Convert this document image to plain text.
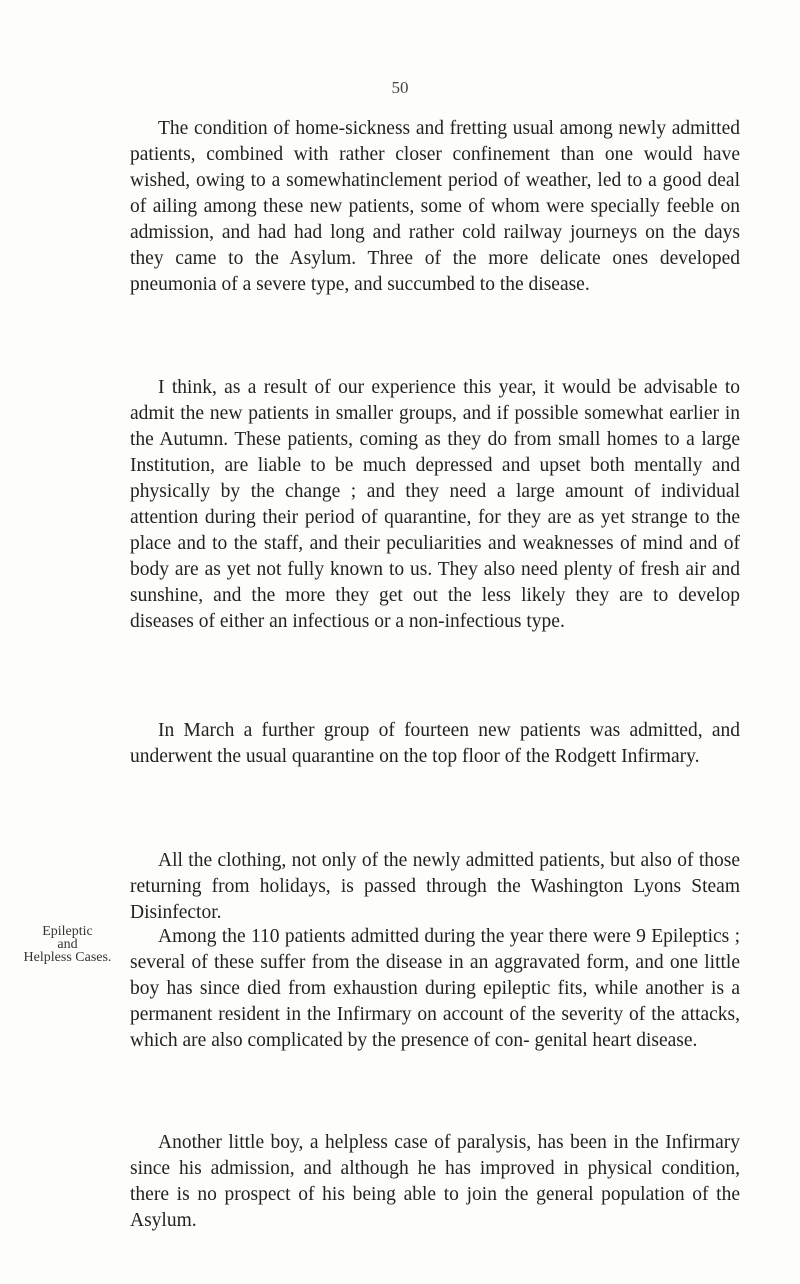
50

The condition of home-sickness and fretting usual among newly admitted patients, combined with rather closer confinement than one would have wished, owing to a somewhatinclement period of weather, led to a good deal of ailing among these new patients, some of whom were specially feeble on admission, and had had long and rather cold railway journeys on the days they came to the Asylum. Three of the more delicate ones developed pneumonia of a severe type, and succumbed to the disease.

I think, as a result of our experience this year, it would be advisable to admit the new patients in smaller groups, and if possible somewhat earlier in the Autumn. These patients, coming as they do from small homes to a large Institution, are liable to be much depressed and upset both mentally and physically by the change ; and they need a large amount of individual attention during their period of quarantine, for they are as yet strange to the place and to the staff, and their peculiarities and weaknesses of mind and of body are as yet not fully known to us. They also need plenty of fresh air and sunshine, and the more they get out the less likely they are to develop diseases of either an infectious or a non-infectious type.

In March a further group of fourteen new patients was admitted, and underwent the usual quarantine on the top floor of the Rodgett Infirmary.

All the clothing, not only of the newly admitted patients, but also of those returning from holidays, is passed through the Washington Lyons Steam Disinfector.

Epileptic
and
Helpless Cases.

Among the 110 patients admitted during the year there were 9 Epileptics ; several of these suffer from the disease in an aggravated form, and one little boy has since died from exhaustion during epileptic fits, while another is a permanent resident in the Infirmary on account of the severity of the attacks, which are also complicated by the presence of con- genital heart disease.

Another little boy, a helpless case of paralysis, has been in the Infirmary since his admission, and although he has improved in physical condition, there is no prospect of his being able to join the general population of the Asylum.
